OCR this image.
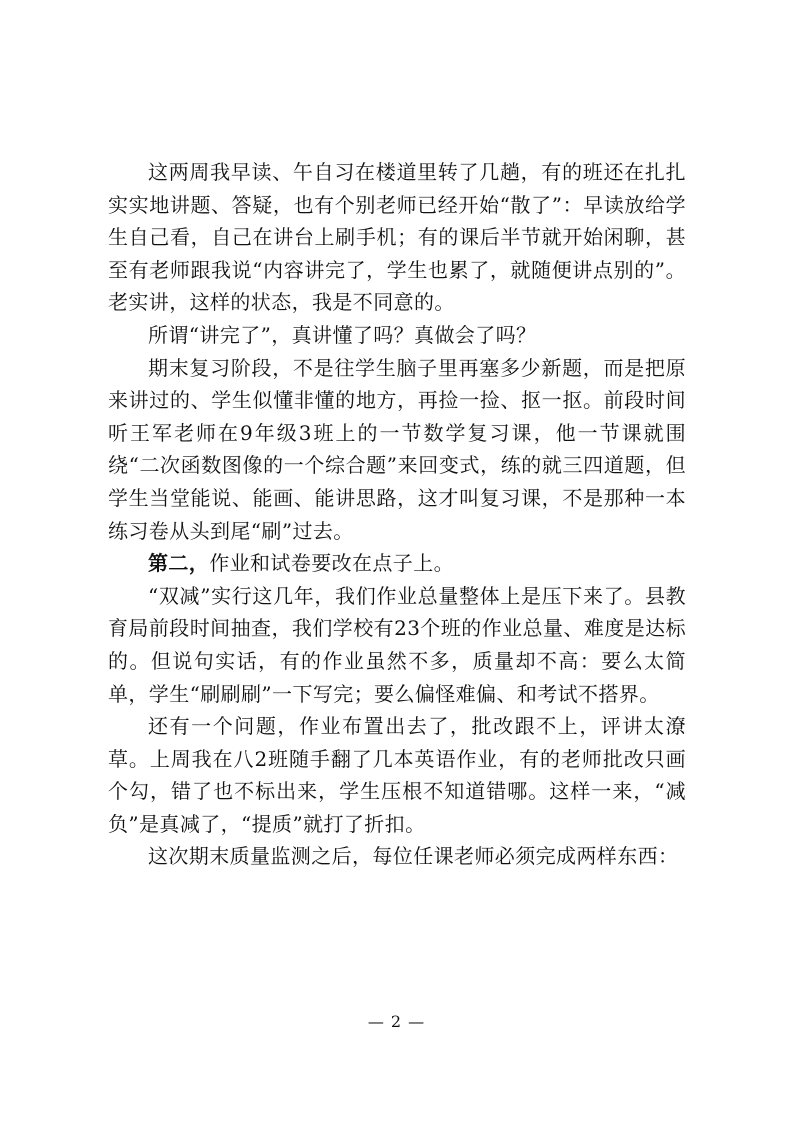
这两周我早读、午自习在楼道里转了几趟，有的班还在扎扎实实地讲题、答疑，也有个别老师已经开始“散了”：早读放给学生自己看，自己在讲台上刷手机；有的课后半节就开始闲聊，甚至有老师跟我说“内容讲完了，学生也累了，就随便讲点别的”。老实讲，这样的状态，我是不同意的。

所谓“讲完了”，真讲懂了吗？真做会了吗？

期末复习阶段，不是往学生脑子里再塞多少新题，而是把原来讲过的、学生似懂非懂的地方，再捡一捡、抠一抠。前段时间听王军老师在9年级3班上的一节数学复习课，他一节课就围绕“二次函数图像的一个综合题”来回变式，练的就三四道题，但学生当堂能说、能画、能讲思路，这才叫复习课，不是那种一本练习卷从头到尾“刷”过去。

第二，作业和试卷要改在点子上。

“双减”实行这几年，我们作业总量整体上是压下来了。县教育局前段时间抽查，我们学校有23个班的作业总量、难度是达标的。但说句实话，有的作业虽然不多，质量却不高：要么太简单，学生“刷刷刷”一下写完；要么偏怪难偏、和考试不搭界。

还有一个问题，作业布置出去了，批改跟不上，评讲太潦草。上周我在八2班随手翻了几本英语作业，有的老师批改只画个勾，错了也不标出来，学生压根不知道错哪。这样一来，“减负”是真减了，“提质”就打了折扣。

这次期末质量监测之后，每位任课老师必须完成两样东西：

— 2 —
